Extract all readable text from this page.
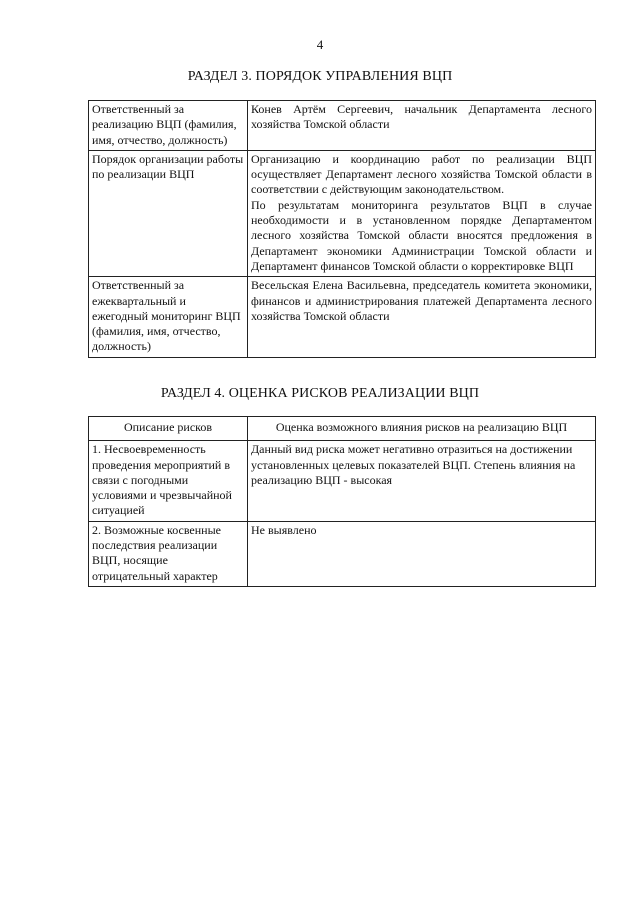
4
РАЗДЕЛ 3. ПОРЯДОК УПРАВЛЕНИЯ ВЦП
Ответственный за реализацию ВЦП (фамилия, имя, отчество, должность)	Конев Артём Сергеевич, начальник Департамента лесного хозяйства Томской области
Порядок организации работы по реализации ВЦП	Организацию и координацию работ по реализации ВЦП осуществляет Департамент лесного хозяйства Томской области в соответствии с действующим законодательством.
По результатам мониторинга результатов ВЦП в случае необходимости и в установленном порядке Департаментом лесного хозяйства Томской области вносятся предложения в Департамент экономики Администрации Томской области и Департамент финансов Томской области о корректировке ВЦП

Ответственный за ежеквартальный и ежегодный мониторинг ВЦП (фамилия, имя, отчество, должность)	Весельская Елена Васильевна, председатель комитета экономики, финансов и администрирования платежей Департамента лесного хозяйства Томской области
РАЗДЕЛ 4. ОЦЕНКА РИСКОВ РЕАЛИЗАЦИИ ВЦП
Описание рисков	Оценка возможного влияния рисков на реализацию ВЦП
1. Несвоевременность проведения мероприятий в связи с погодными условиями и чрезвычайной ситуацией	Данный вид риска может негативно отразиться на достижении установленных целевых показателей ВЦП. Степень влияния на реализацию ВЦП - высокая
2. Возможные косвенные последствия реализации ВЦП, носящие отрицательный характер	Не выявлено
